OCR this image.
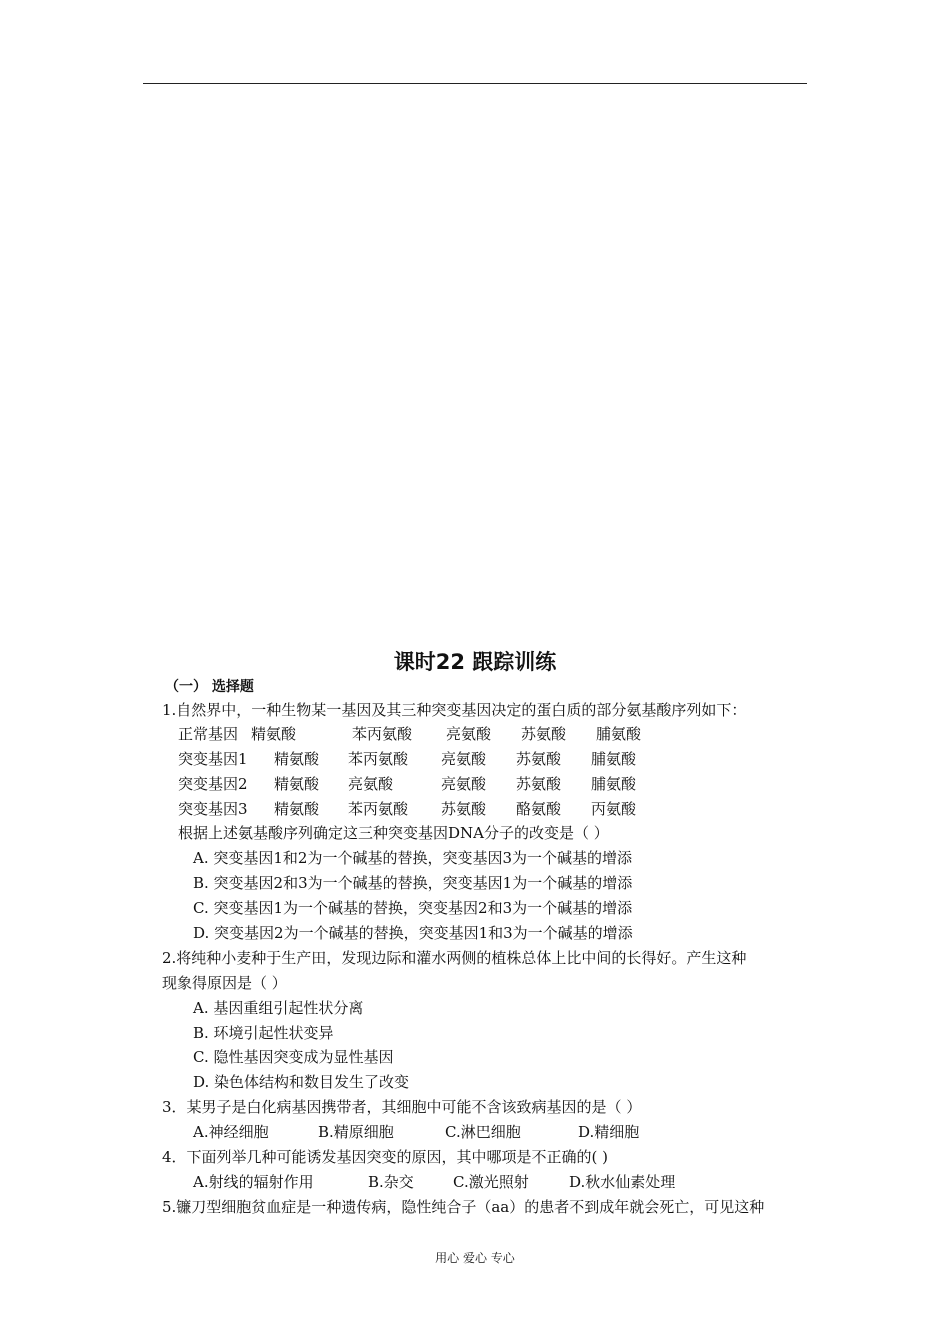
课时22 跟踪训练
（一） 选择题
1.自然界中，一种生物某一基因及其三种突变基因决定的蛋白质的部分氨基酸序列如下：
正常基因 精氨酸	苯丙氨酸 亮氨酸 苏氨酸 脯氨酸
突变基因1 精氨酸 苯丙氨酸 亮氨酸 苏氨酸 脯氨酸
突变基因2 精氨酸 亮氨酸	亮氨酸 苏氨酸 脯氨酸
突变基因3 精氨酸 苯丙氨酸 苏氨酸 酪氨酸 丙氨酸
根据上述氨基酸序列确定这三种突变基因DNA分子的改变是（ ）
A. 突变基因1和2为一个碱基的替换，突变基因3为一个碱基的增添
B. 突变基因2和3为一个碱基的替换，突变基因1为一个碱基的增添
C. 突变基因1为一个碱基的替换，突变基因2和3为一个碱基的增添
D. 突变基因2为一个碱基的替换，突变基因1和3为一个碱基的增添
2.将纯种小麦种于生产田，发现边际和灌水两侧的植株总体上比中间的长得好。产生这种
现象得原因是（ ）
A. 基因重组引起性状分离
B. 环境引起性状变异
C. 隐性基因突变成为显性基因
D. 染色体结构和数目发生了改变
3．某男子是白化病基因携带者，其细胞中可能不含该致病基因的是（ ）
A.神经细胞	B.精原细胞	C.淋巴细胞	D.精细胞
4．下面列举几种可能诱发基因突变的原因，其中哪项是不正确的( )
A.射线的辐射作用	B.杂交	C.激光照射	D.秋水仙素处理
5.镰刀型细胞贫血症是一种遗传病，隐性纯合子（aa）的患者不到成年就会死亡，可见这种
用心 爱心 专心
